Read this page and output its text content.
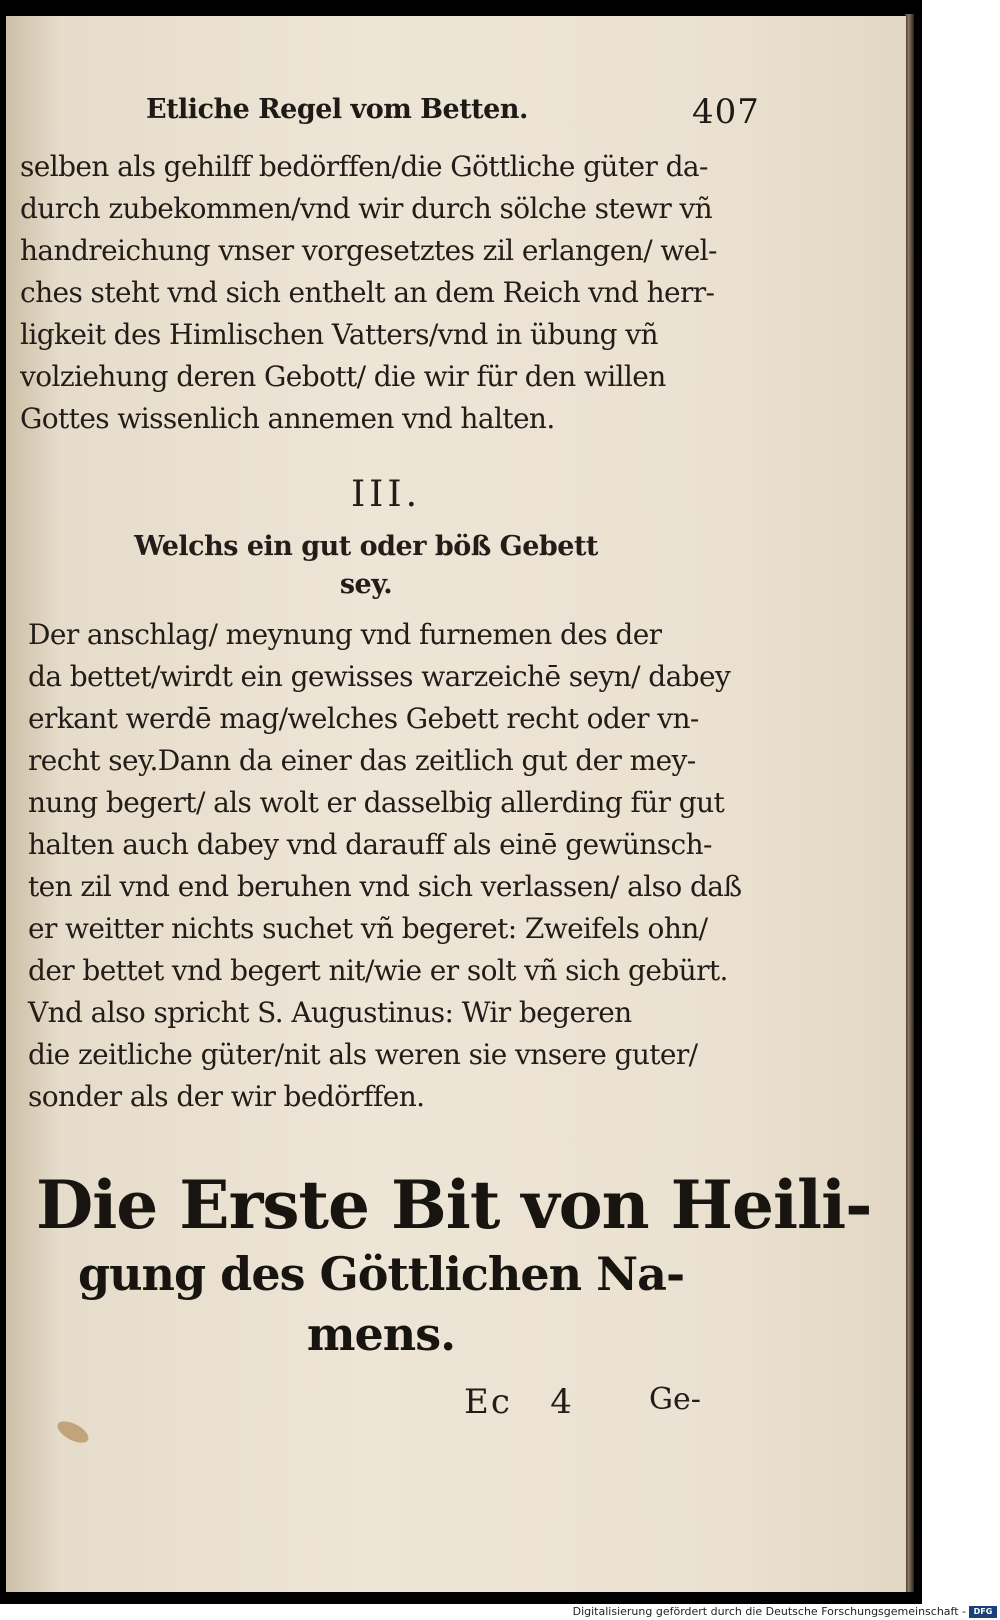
Etliche Regel vom Betten.	407
selben als gehilff bedörffen/die Göttliche güter da-
durch zubekommen/vnd wir durch sölche stewr vñ
handreichung vnser vorgesetztes zil erlangen/ wel-
ches steht vnd sich enthelt an dem Reich vnd herr-
ligkeit des Himlischen Vatters/vnd in übung vñ
volziehung deren Gebott/ die wir für den willen
Gottes wissenlich annemen vnd halten.
III.
Welchs ein gut oder böß Gebett
sey.
Der anschlag/ meynung vnd furnemen des der
da bettet/wirdt ein gewisses warzeichē seyn/ dabey
erkant werdē mag/welches Gebett recht oder vn-
recht sey.Dann da einer das zeitlich gut der mey-
nung begert/ als wolt er dasselbig allerding für gut
halten auch dabey vnd darauff als einē gewünsch-
ten zil vnd end beruhen vnd sich verlassen/ also daß
er weitter nichts suchet vñ begeret: Zweifels ohn/
der bettet vnd begert nit/wie er solt vñ sich gebürt.
Vnd also spricht S. Augustinus: Wir begeren
die zeitliche güter/nit als weren sie vnsere guter/
sonder als der wir bedörffen.
Die Erste Bit von Heili-
gung des Göttlichen Na-
mens.
Ec   4	Ge-
Digitalisierung gefördert durch die Deutsche Forschungsgemeinschaft - DFG
